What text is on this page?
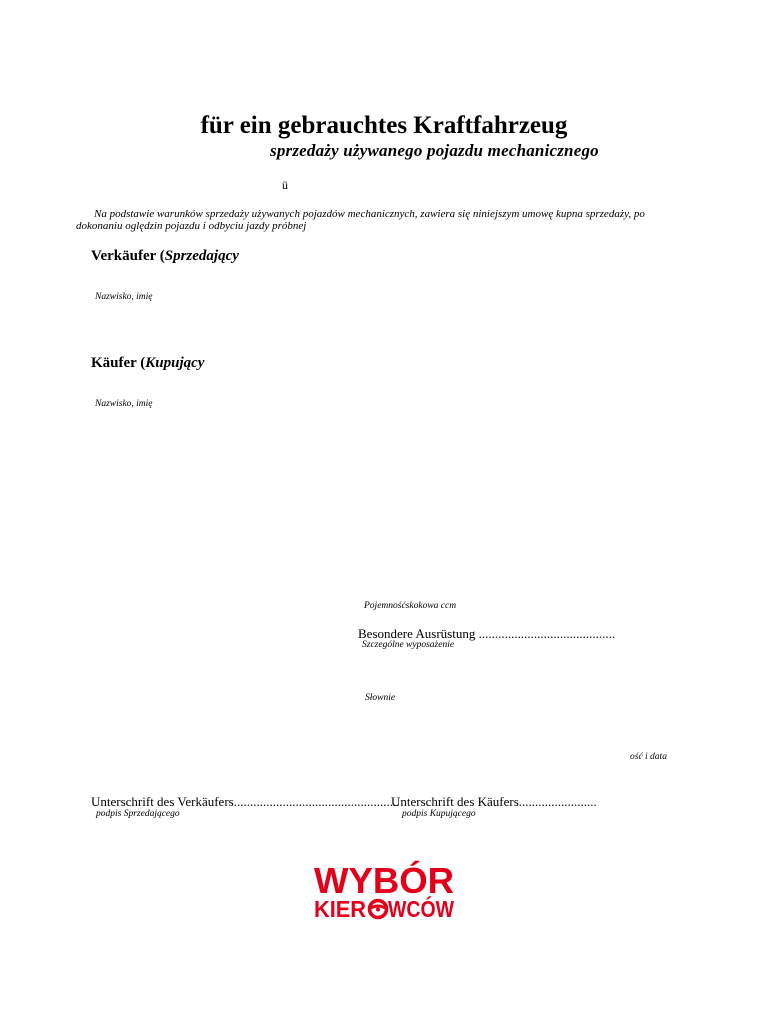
für ein gebrauchtes Kraftfahrzeug
sprzedaży używanego pojazdu mechanicznego
ü
Na podstawie warunków sprzedaży używanych pojazdów mechanicznych, zawiera się niniejszym umowę kupna sprzedaży, po dokonaniu oględzin pojazdu i odbyciu jazdy próbnej
Verkäufer (Sprzedający
Nazwisko, imię
Käufer (Kupujący
Nazwisko, imię
Pojemnośćskokowa ccm
Besondere Ausrüstung ..........................................
Szczególne wyposażenie
Słownie
ość i data
Unterschrift des Verkäufers...................................................
Unterschrift des Käufers........................
podpis Sprzedającego	podpis Kupującego
WYBÓR
KIER WCÓW
